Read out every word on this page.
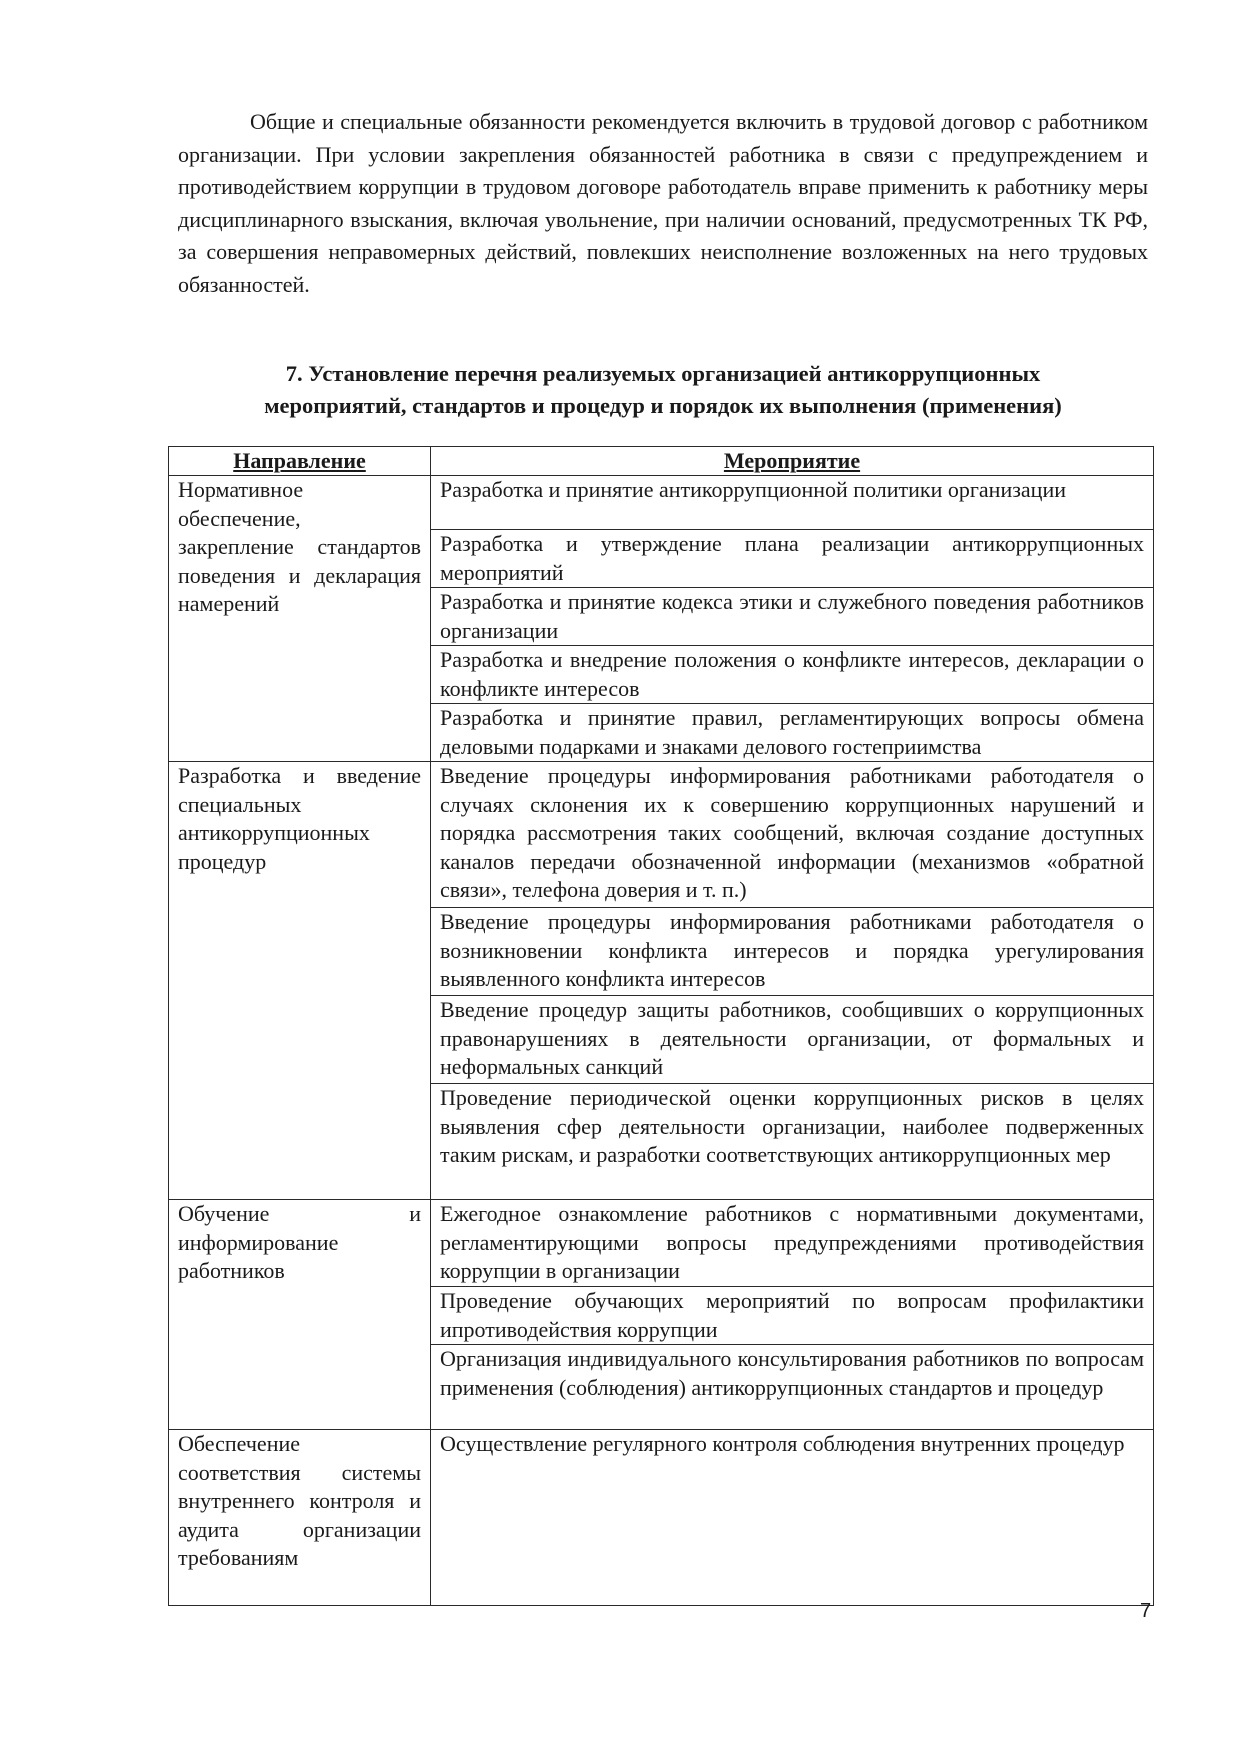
Общие и специальные обязанности рекомендуется включить в трудовой договор с работником организации. При условии закрепления обязанностей работника в связи с предупреждением и противодействием коррупции в трудовом договоре работодатель вправе применить к работнику меры дисциплинарного взыскания, включая увольнение, при наличии оснований, предусмотренных ТК РФ, за совершения неправомерных действий, повлекших неисполнение возложенных на него трудовых обязанностей.

7. Установление перечня реализуемых организацией антикоррупционных
мероприятий, стандартов и процедур и порядок их выполнения (применения)
Направление	Мероприятие
Нормативное обеспечение, закрепление стандартов поведения и декларация намерений	Разработка и принятие антикоррупционной политики организации
	Разработка и утверждение плана реализации антикоррупционных мероприятий
	Разработка и принятие кодекса этики и служебного поведения работников организации
	Разработка и внедрение положения о конфликте интересов, декларации о конфликте интересов
	Разработка и принятие правил, регламентирующих вопросы обмена деловыми подарками и знаками делового гостеприимства
Разработка и введение специальных антикоррупционных процедур	Введение процедуры информирования работниками работодателя о случаях склонения их к совершению коррупционных нарушений и порядка рассмотрения таких сообщений, включая создание доступных каналов передачи обозначенной информации (механизмов «обратной связи», телефона доверия и т. п.)
	Введение процедуры информирования работниками работодателя о возникновении конфликта интересов и порядка урегулирования выявленного конфликта интересов
	Введение процедур защиты работников, сообщивших о коррупционных правонарушениях в деятельности организации, от формальных и неформальных санкций
	Проведение периодической оценки коррупционных рисков в целях выявления сфер деятельности организации, наиболее подверженных таким рискам, и разработки соответствующих антикоррупционных мер
Обучение и информирование работников	Ежегодное ознакомление работников с нормативными документами, регламентирующими вопросы предупреждениями противодействия коррупции в организации
	Проведение обучающих мероприятий по вопросам профилактики ипротиводействия коррупции
	Организация индивидуального консультирования работников по вопросам применения (соблюдения) антикоррупционных стандартов и процедур
Обеспечение соответствия системы внутреннего контроля и аудита организации требованиям	Осуществление регулярного контроля соблюдения внутренних процедур
7
